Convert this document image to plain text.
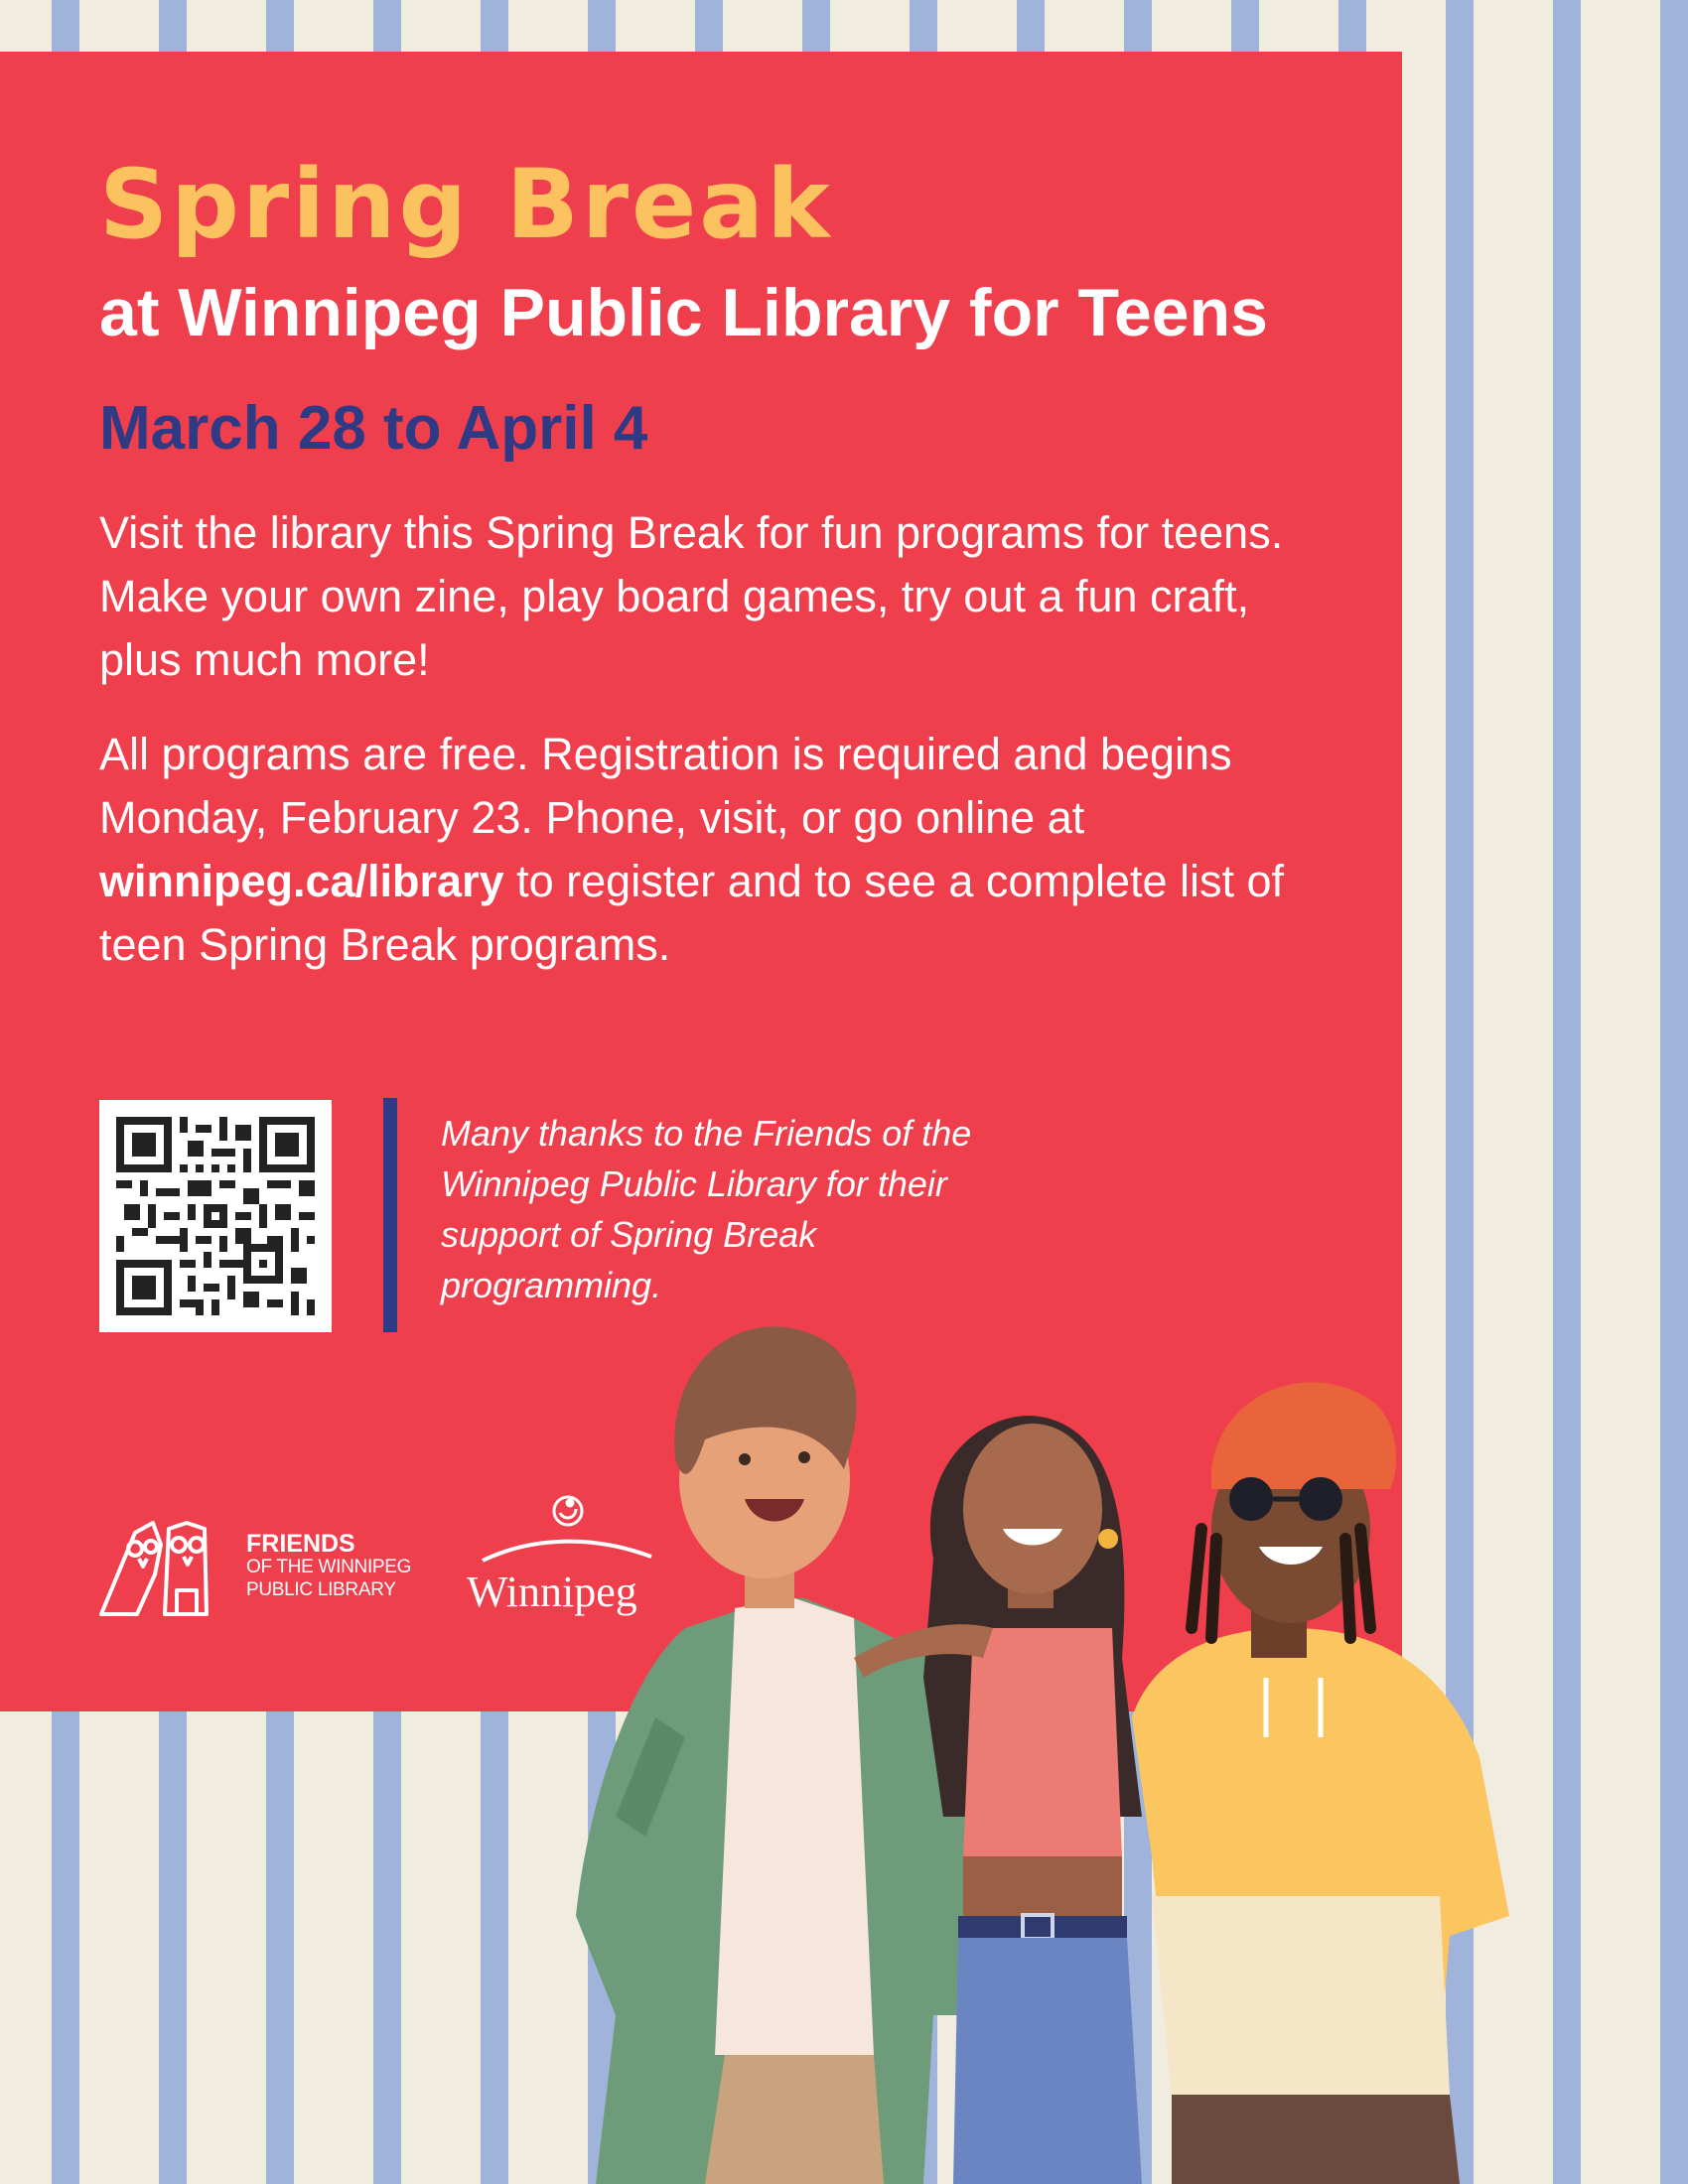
Spring Break
at Winnipeg Public Library for Teens
March 28 to April 4

Visit the library this Spring Break for fun programs for teens. Make your own zine, play board games, try out a fun craft, plus much more!

All programs are free. Registration is required and begins Monday, February 23. Phone, visit, or go online at winnipeg.ca/library to register and to see a complete list of teen Spring Break programs.

Many thanks to the Friends of the Winnipeg Public Library for their support of Spring Break programming.

FRIENDS
OF THE WINNIPEG
PUBLIC LIBRARY	Winnipeg
